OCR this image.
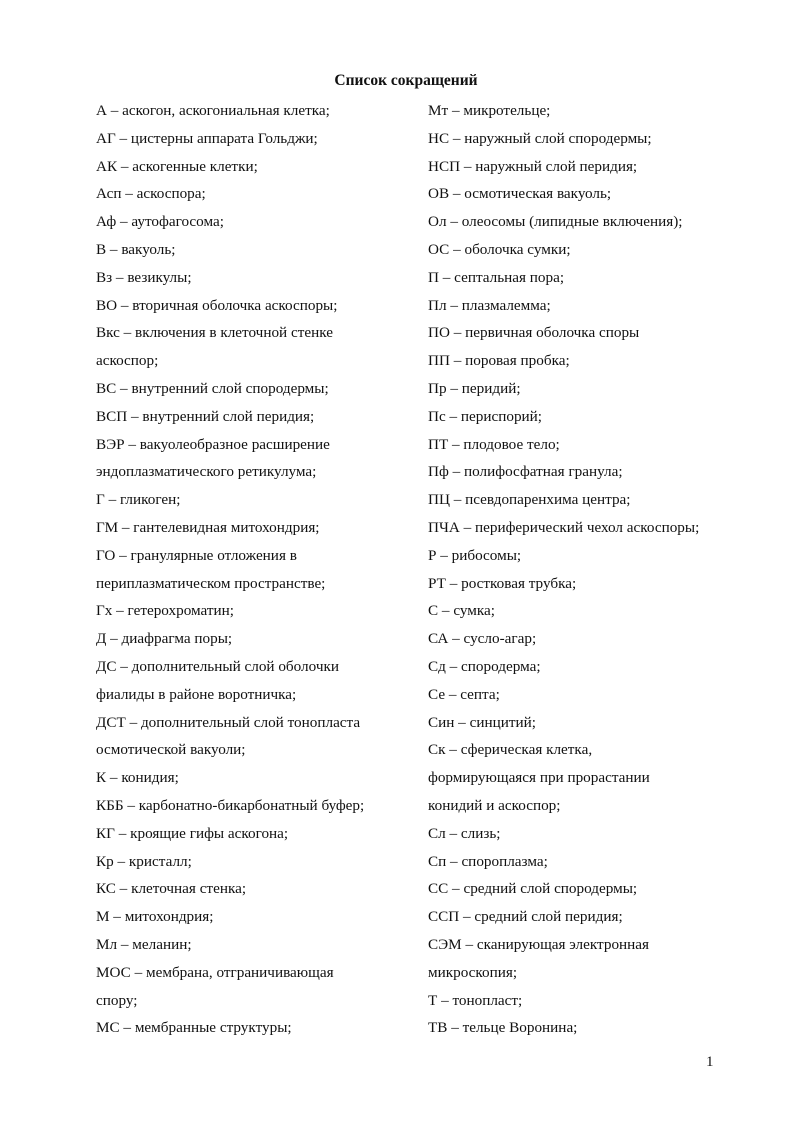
Список сокращений
А – аскогон, аскогониальная клетка;
АГ – цистерны аппарата Гольджи;
АК – аскогенные клетки;
Асп – аскоспора;
Аф – аутофагосома;
В – вакуоль;
Вз – везикулы;
ВО – вторичная оболочка аскоспоры;
Вкс – включения в клеточной стенке
аскоспор;
ВС – внутренний слой спородермы;
ВСП – внутренний слой перидия;
ВЭР – вакуолеобразное расширение
эндоплазматического ретикулума;
Г – гликоген;
ГМ – гантелевидная митохондрия;
ГО – гранулярные отложения в
периплазматическом пространстве;
Гх – гетерохроматин;
Д – диафрагма поры;
ДС – дополнительный слой оболочки
фиалиды в районе воротничка;
ДСТ – дополнительный слой тонопласта
осмотической вакуоли;
К – конидия;
КББ – карбонатно-бикарбонатный буфер;
КГ – кроящие гифы аскогона;
Кр – кристалл;
КС – клеточная стенка;
М – митохондрия;
Мл – меланин;
МОС – мембрана, отграничивающая
спору;
МС – мембранные структуры;
Мт – микротельце;
НС – наружный слой спородермы;
НСП – наружный слой перидия;
ОВ – осмотическая вакуоль;
Ол – олеосомы (липидные включения);
ОС – оболочка сумки;
П – септальная пора;
Пл – плазмалемма;
ПО – первичная оболочка споры
ПП – поровая пробка;
Пр – перидий;
Пс – периспорий;
ПТ – плодовое тело;
Пф – полифосфатная гранула;
ПЦ – псевдопаренхима центра;
ПЧА – периферический чехол аскоспоры;
Р – рибосомы;
РТ – ростковая трубка;
С – сумка;
СА – сусло-агар;
Сд – спородерма;
Се – септа;
Син – синцитий;
Ск – сферическая клетка,
формирующаяся при прорастании
конидий и аскоспор;
Сл – слизь;
Сп – спороплазма;
СС – средний слой спородермы;
ССП – средний слой перидия;
СЭМ – сканирующая электронная
микроскопия;
Т – тонопласт;
ТВ – тельце Воронина;
1
